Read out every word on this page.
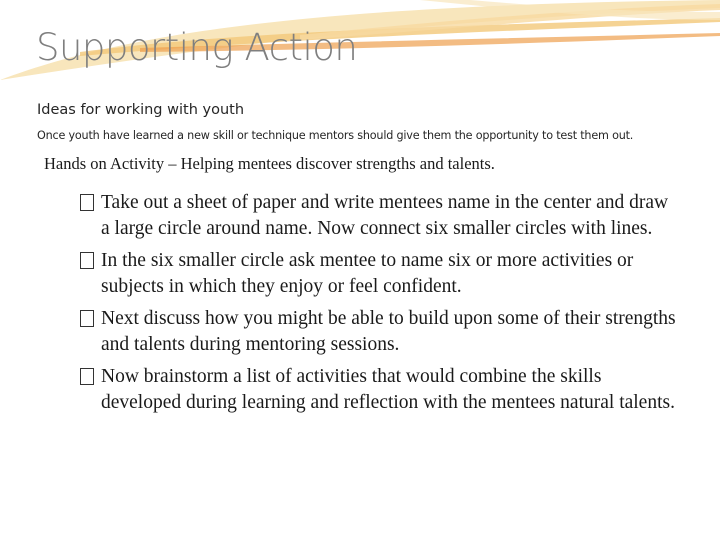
Supporting Action
Ideas for working with youth
Once youth have learned a new skill or technique mentors should give them the opportunity to test them out.
Hands on Activity – Helping mentees discover strengths and talents.
Take out a sheet of paper and write mentees name in the center and draw a large circle around name. Now connect six smaller circles with lines.
In the six smaller circle ask mentee to name six or more activities or subjects in which they enjoy or feel confident.
Next discuss how you might be able to build upon some of their strengths and talents during mentoring sessions.
Now brainstorm a list of activities that would combine the skills developed during learning and reflection with the mentees natural talents.
